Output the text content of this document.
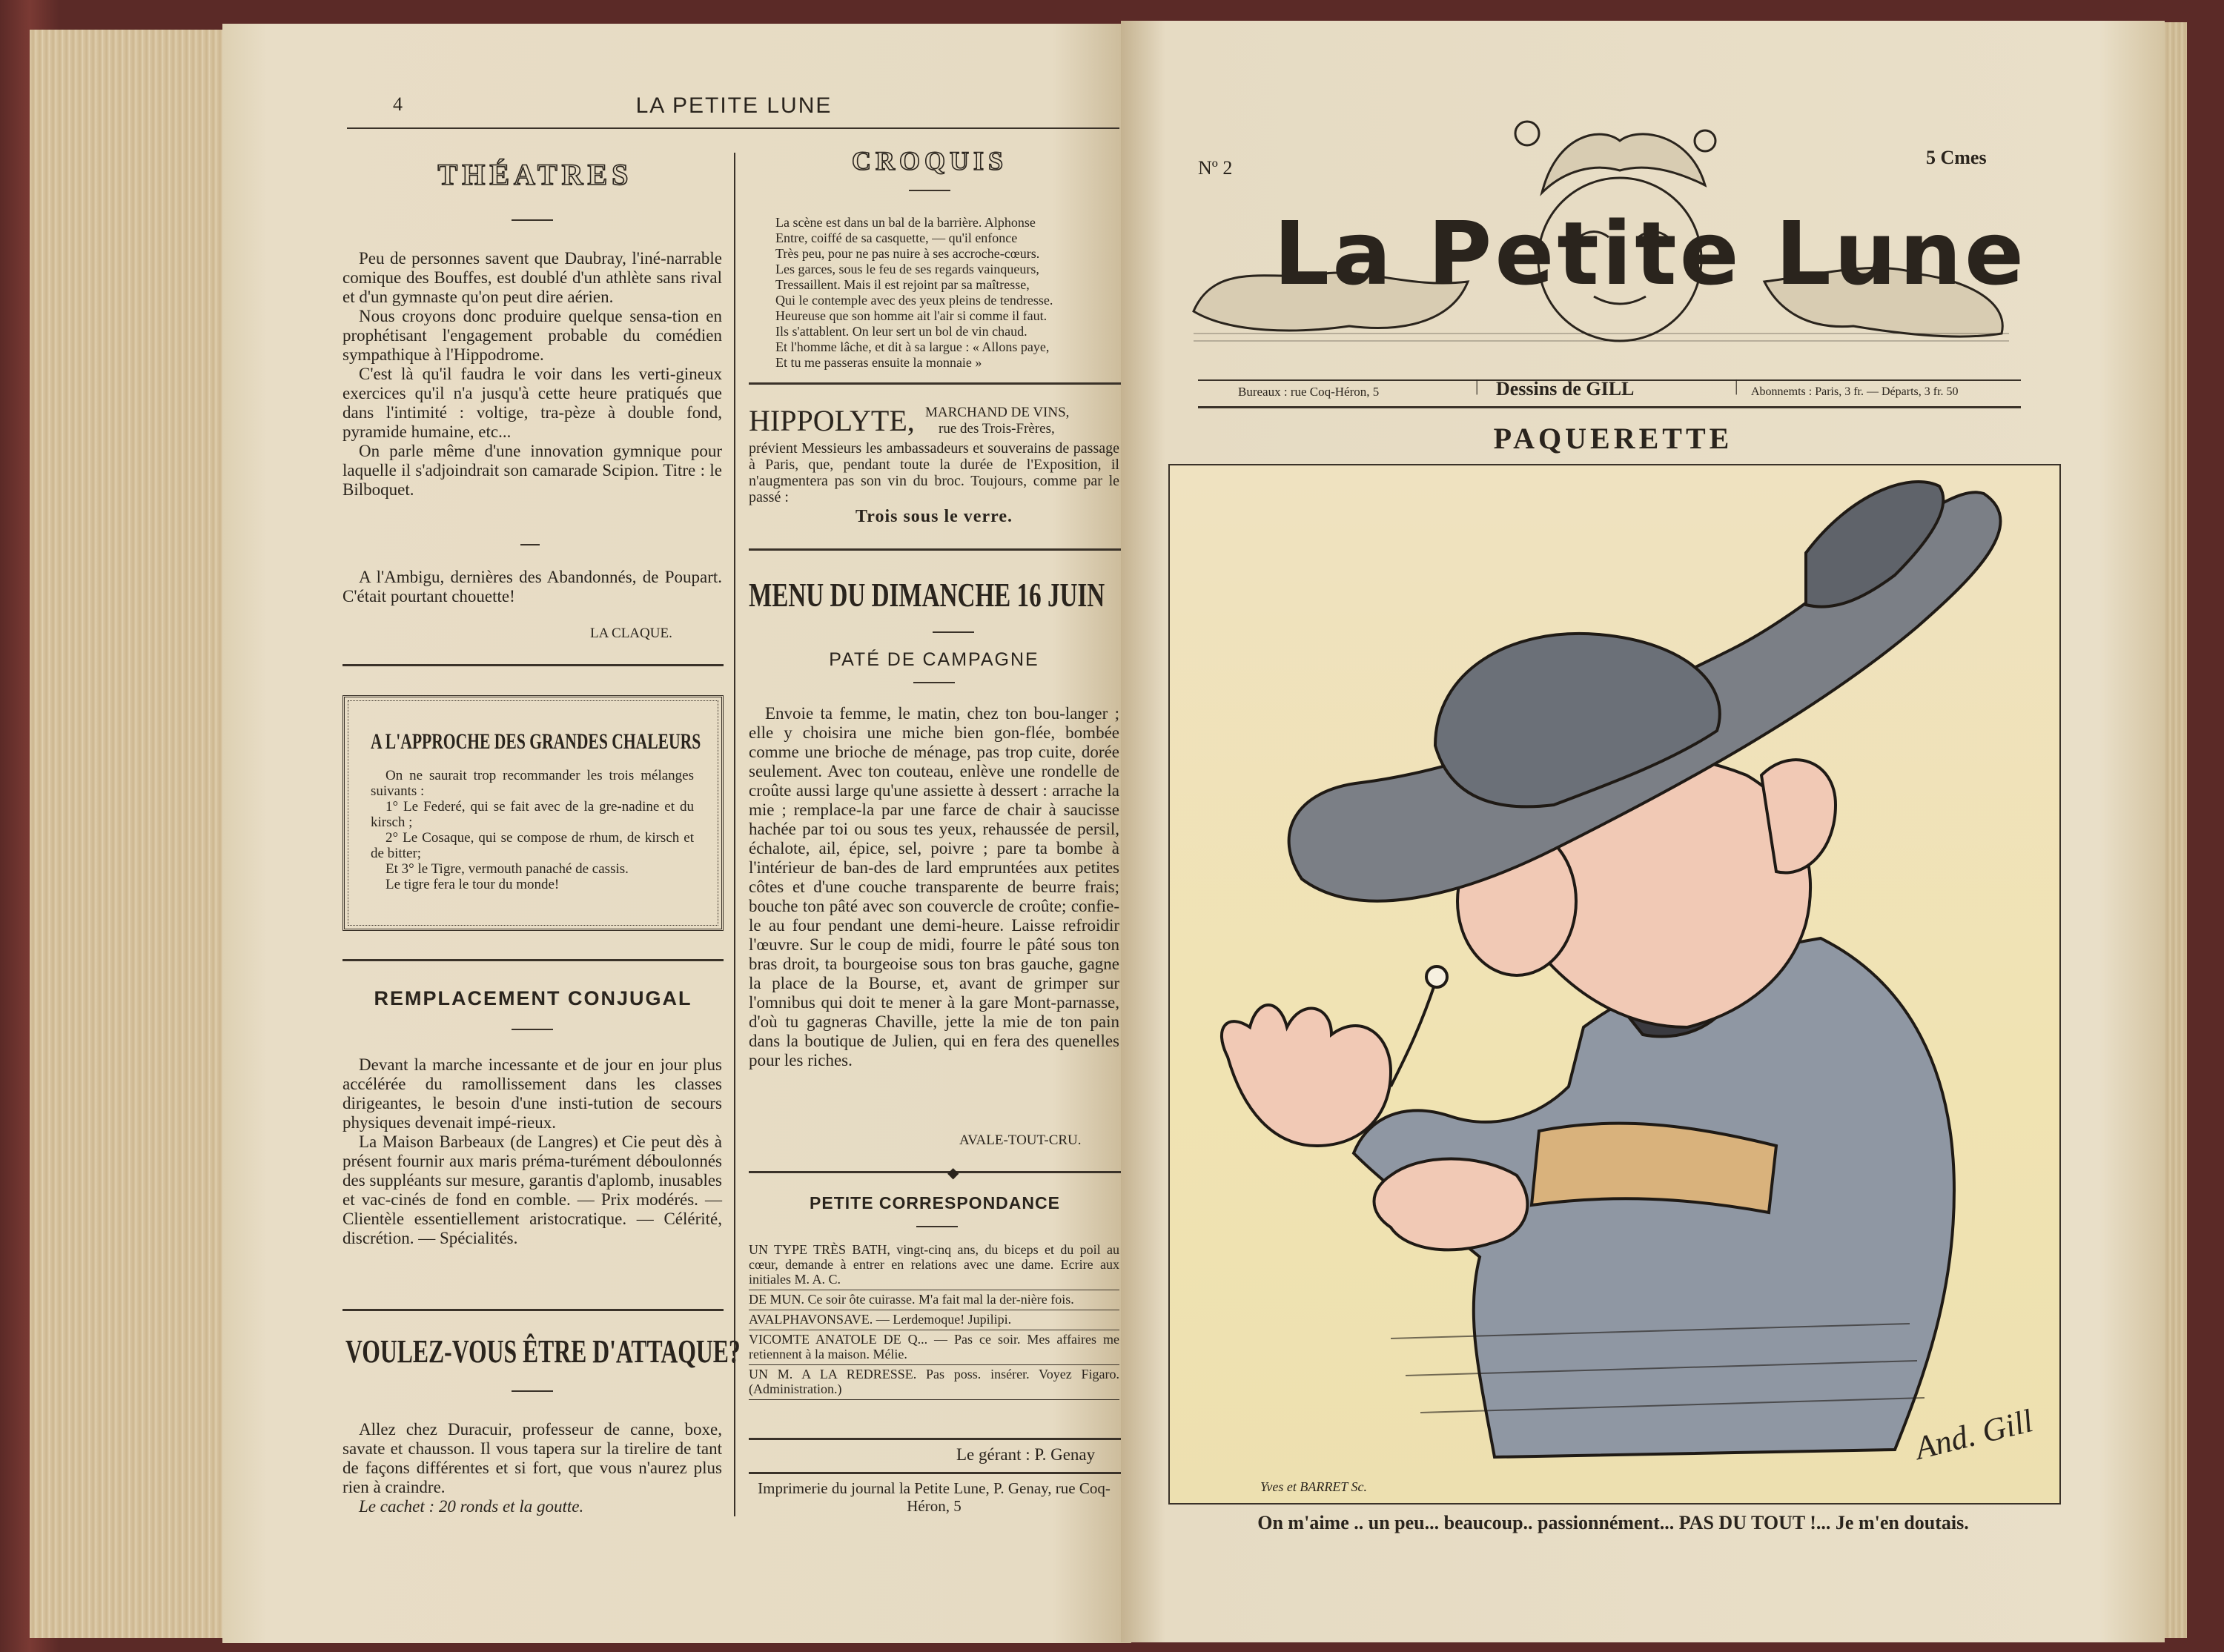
4	LA PETITE LUNE
THÉATRES
Peu de personnes savent que Daubray, l'iné-narrable comique des Bouffes, est doublé d'un athlète sans rival et d'un gymnaste qu'on peut dire aérien.
Nous croyons donc produire quelque sensa-tion en prophétisant l'engagement probable du comédien sympathique à l'Hippodrome.
C'est là qu'il faudra le voir dans les verti-gineux exercices qu'il n'a jusqu'à cette heure pratiqués que dans l'intimité : voltige, tra-pèze à double fond, pyramide humaine, etc...
On parle même d'une innovation gymnique pour laquelle il s'adjoindrait son camarade Scipion. Titre : le Bilboquet.
A l'Ambigu, dernières des Abandonnés, de Poupart. C'était pourtant chouette!
LA CLAQUE.
A L'APPROCHE DES GRANDES CHALEURS
On ne saurait trop recommander les trois mélanges suivants :
1° Le Federé, qui se fait avec de la gre-nadine et du kirsch ;
2° Le Cosaque, qui se compose de rhum, de kirsch et de bitter;
Et 3° le Tigre, vermouth panaché de cassis.
Le tigre fera le tour du monde!
REMPLACEMENT CONJUGAL
Devant la marche incessante et de jour en jour plus accélérée du ramollissement dans les classes dirigeantes, le besoin d'une insti-tution de secours physiques devenait impé-rieux.
La Maison Barbeaux (de Langres) et Cie peut dès à présent fournir aux maris préma-turément déboulonnés des suppléants sur mesure, garantis d'aplomb, inusables et vac-cinés de fond en comble. — Prix modérés. — Clientèle essentiellement aristocratique. — Célérité, discrétion. — Spécialités.
VOULEZ-VOUS ÊTRE D'ATTAQUE?
Allez chez Duracuir, professeur de canne, boxe, savate et chausson. Il vous tapera sur la tirelire de tant de façons différentes et si fort, que vous n'aurez plus rien à craindre.
Le cachet : 20 ronds et la goutte.
CROQUIS
La scène est dans un bal de la barrière. Alphonse
Entre, coiffé de sa casquette, — qu'il enfonce
Très peu, pour ne pas nuire à ses accroche-cœurs.
Les garces, sous le feu de ses regards vainqueurs,
Tressaillent. Mais il est rejoint par sa maîtresse,
Qui le contemple avec des yeux pleins de tendresse.
Heureuse que son homme ait l'air si comme il faut.
Ils s'attablent. On leur sert un bol de vin chaud.
Et l'homme lâche, et dit à sa largue : « Allons paye,
Et tu me passeras ensuite la monnaie »
HIPPOLYTE, MARCHAND DE VINS,
rue des Trois-Frères,
prévient Messieurs les ambassadeurs et souverains de passage à Paris, que, pendant toute la durée de l'Exposition, il n'augmentera pas son vin du broc. Toujours, comme par le passé :
Trois sous le verre.
MENU DU DIMANCHE 16 JUIN
PATÉ DE CAMPAGNE
Envoie ta femme, le matin, chez ton bou-langer ; elle y choisira une miche bien gon-flée, bombée comme une brioche de ménage, pas trop cuite, dorée seulement. Avec ton couteau, enlève une rondelle de croûte aussi large qu'une assiette à dessert : arrache la mie ; remplace-la par une farce de chair à saucisse hachée par toi ou sous tes yeux, rehaussée de persil, échalote, ail, épice, sel, poivre ; pare ta bombe à l'intérieur de ban-des de lard empruntées aux petites côtes et d'une couche transparente de beurre frais; bouche ton pâté avec son couvercle de croûte; confie-le au four pendant une demi-heure. Laisse refroidir l'œuvre. Sur le coup de midi, fourre le pâté sous ton bras droit, ta bourgeoise sous ton bras gauche, gagne la place de la Bourse, et, avant de grimper sur l'omnibus qui doit te mener à la gare Mont-parnasse, d'où tu gagneras Chaville, jette la mie de ton pain dans la boutique de Julien, qui en fera des quenelles pour les riches.
AVALE-TOUT-CRU.
◆
PETITE CORRESPONDANCE
UN TYPE TRÈS BATH, vingt-cinq ans, du biceps et du poil au cœur, demande à entrer en relations avec une dame. Ecrire aux initiales M. A. C.
DE MUN. Ce soir ôte cuirasse. M'a fait mal la der-nière fois.
AVALPHAVONSAVE. — Lerdemoque! Jupilipi.
VICOMTE ANATOLE DE Q... — Pas ce soir. Mes affaires me retiennent à la maison. Mélie.
UN M. A LA REDRESSE. Pas poss. insérer. Voyez Figaro. (Administration.)
Le gérant : P. Genay
Imprimerie du journal la Petite Lune, P. Genay, rue Coq-Héron, 5
Nº 2	5 Cmes
La Petite Lune
Bureaux : rue Coq-Héron, 5	| Dessins de GILL	| Abonnemts : Paris, 3 fr. — Départs, 3 fr. 50
PAQUERETTE
And. Gill
Yves et BARRET Sc.
On m'aime .. un peu... beaucoup.. passionnément... PAS DU TOUT !... Je m'en doutais.
